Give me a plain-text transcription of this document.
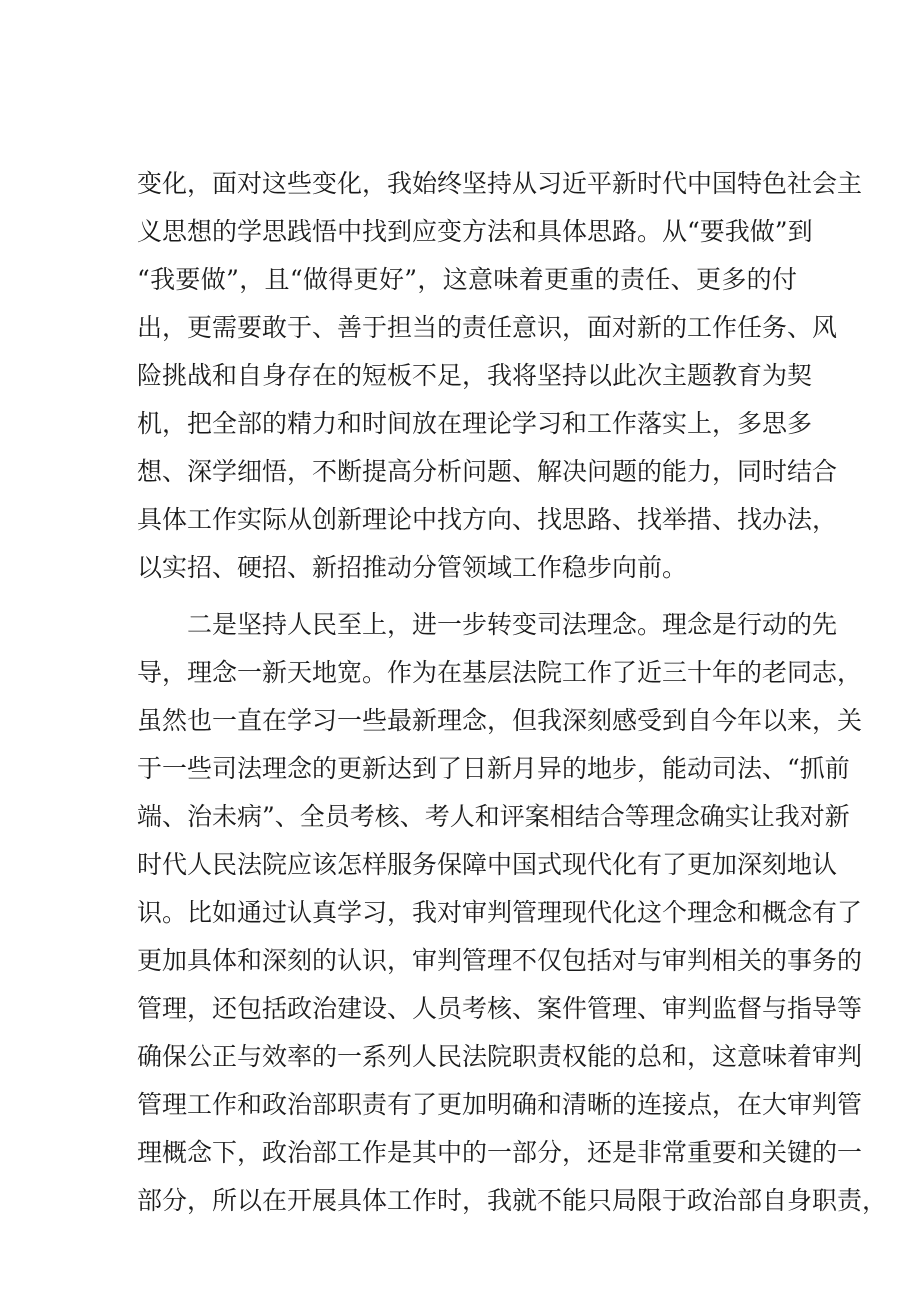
变化，面对这些变化，我始终坚持从习近平新时代中国特色社会主
义思想的学思践悟中找到应变方法和具体思路。从“要我做”到
“我要做”，且“做得更好”，这意味着更重的责任、更多的付
出，更需要敢于、善于担当的责任意识，面对新的工作任务、风
险挑战和自身存在的短板不足，我将坚持以此次主题教育为契
机，把全部的精力和时间放在理论学习和工作落实上，多思多
想、深学细悟，不断提高分析问题、解决问题的能力，同时结合
具体工作实际从创新理论中找方向、找思路、找举措、找办法，
以实招、硬招、新招推动分管领域工作稳步向前。
二是坚持人民至上，进一步转变司法理念。理念是行动的先
导，理念一新天地宽。作为在基层法院工作了近三十年的老同志，
虽然也一直在学习一些最新理念，但我深刻感受到自今年以来，关
于一些司法理念的更新达到了日新月异的地步，能动司法、“抓前
端、治未病”、全员考核、考人和评案相结合等理念确实让我对新
时代人民法院应该怎样服务保障中国式现代化有了更加深刻地认
识。比如通过认真学习，我对审判管理现代化这个理念和概念有了
更加具体和深刻的认识，审判管理不仅包括对与审判相关的事务的
管理，还包括政治建设、人员考核、案件管理、审判监督与指导等
确保公正与效率的一系列人民法院职责权能的总和，这意味着审判
管理工作和政治部职责有了更加明确和清晰的连接点，在大审判管
理概念下，政治部工作是其中的一部分，还是非常重要和关键的一
部分，所以在开展具体工作时，我就不能只局限于政治部自身职责，
